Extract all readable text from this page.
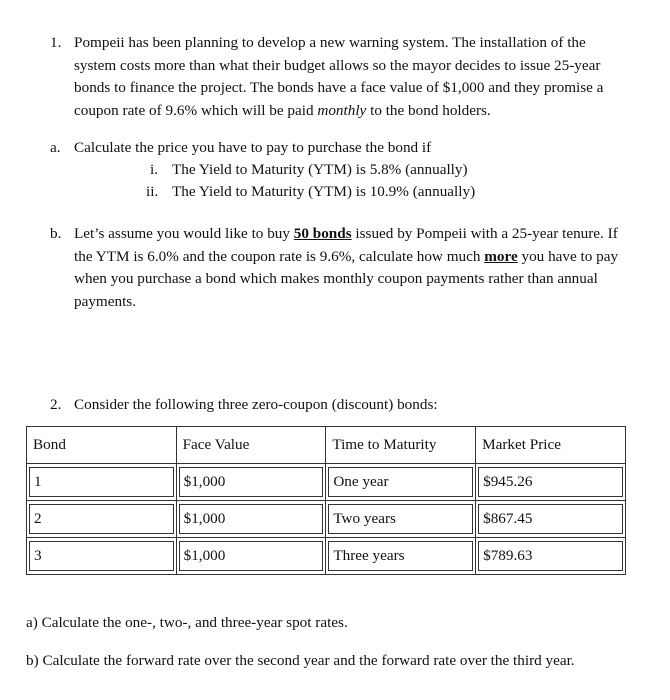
1. Pompeii has been planning to develop a new warning system. The installation of the
system costs more than what their budget allows so the mayor decides to issue 25-year
bonds to finance the project. The bonds have a face value of $1,000 and they promise a
coupon rate of 9.6% which will be paid monthly to the bond holders.
a. Calculate the price you have to pay to purchase the bond if
i. The Yield to Maturity (YTM) is 5.8% (annually)
ii. The Yield to Maturity (YTM) is 10.9% (annually)
b. Let’s assume you would like to buy 50 bonds issued by Pompeii with a 25-year tenure. If
the YTM is 6.0% and the coupon rate is 9.6%, calculate how much more you have to pay
when you purchase a bond which makes monthly coupon payments rather than annual
payments.
2. Consider the following three zero-coupon (discount) bonds:
Bond	Face Value	Time to Maturity	Market Price

1	$1,000	One year	$945.26

2	$1,000	Two years	$867.45

3	$1,000	Three years	$789.63
a) Calculate the one-, two-, and three-year spot rates.
b) Calculate the forward rate over the second year and the forward rate over the third year.
